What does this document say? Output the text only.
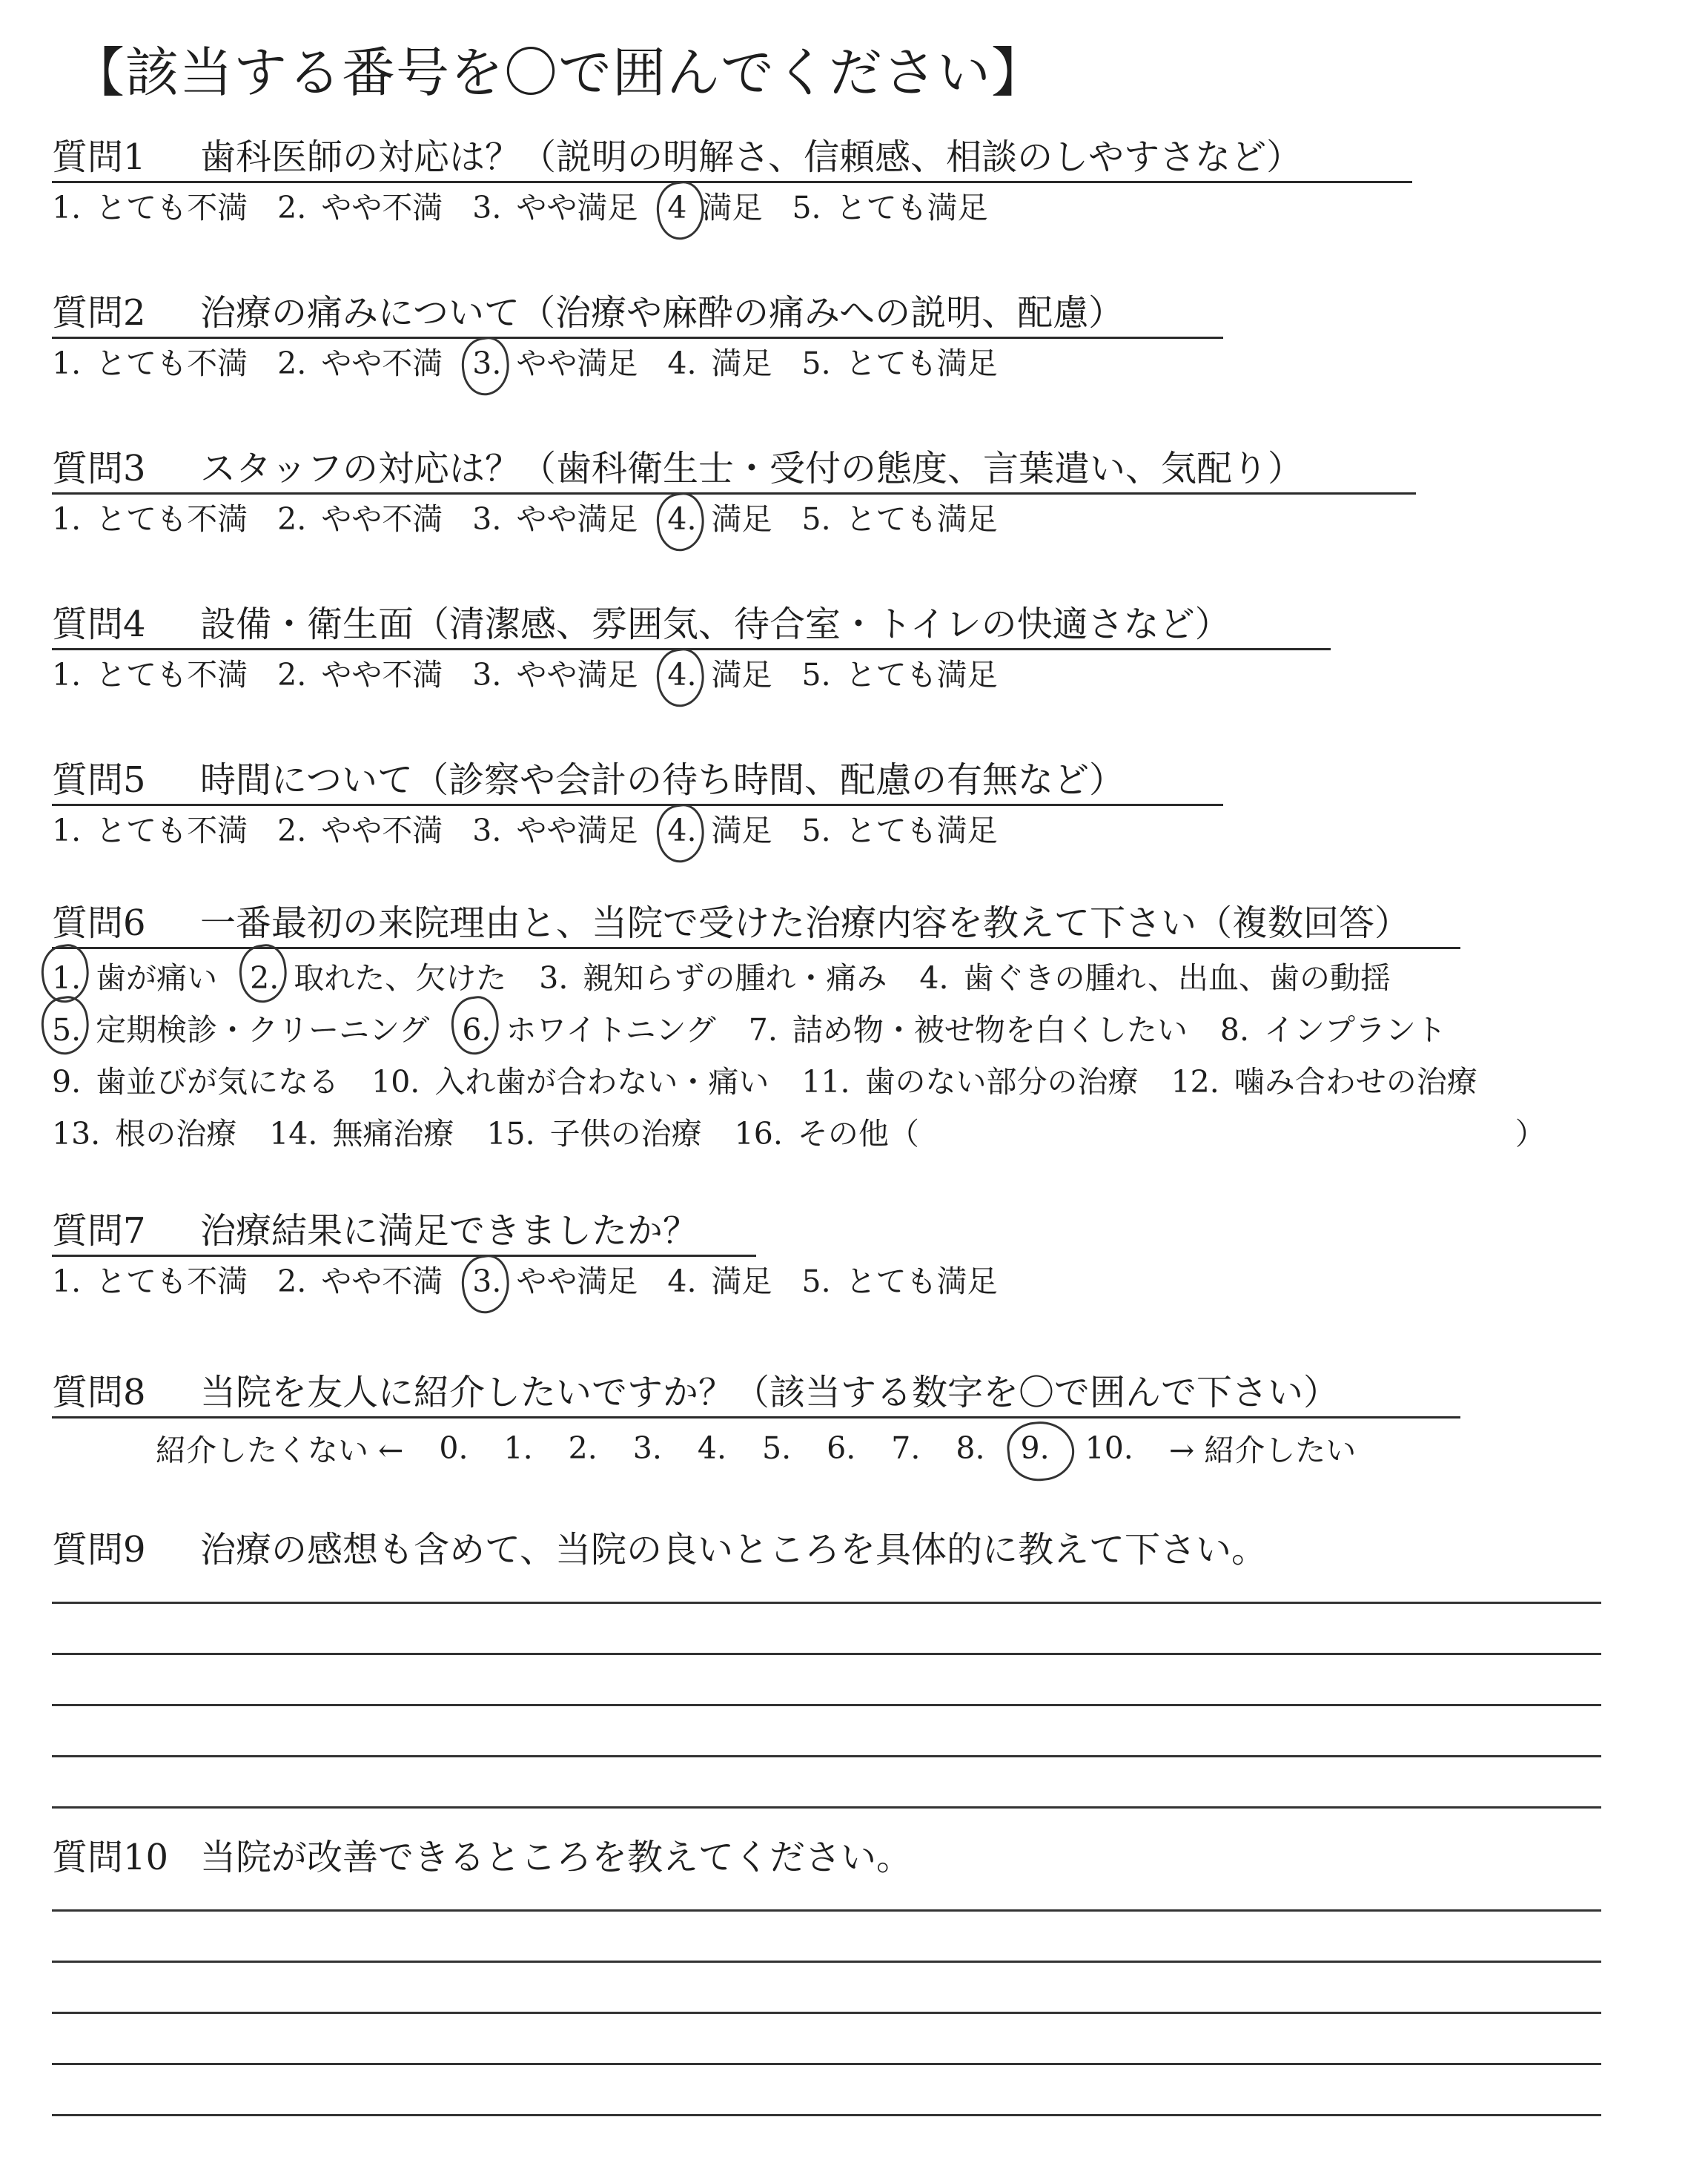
【該当する番号を〇で囲んでください】
質問1 歯科医師の対応は？（説明の明解さ、信頼感、相談のしやすさなど）
1. とても不満 2. やや不満 3. やや満足 4 満足 5. とても満足
質問2 治療の痛みについて（治療や麻酔の痛みへの説明、配慮）
1. とても不満 2. やや不満 3. やや満足 4. 満足 5. とても満足
質問3 スタッフの対応は？（歯科衛生士・受付の態度、言葉遣い、気配り）
1. とても不満 2. やや不満 3. やや満足 4. 満足 5. とても満足
質問4 設備・衛生面（清潔感、雰囲気、待合室・トイレの快適さなど）
1. とても不満 2. やや不満 3. やや満足 4. 満足 5. とても満足
質問5 時間について（診察や会計の待ち時間、配慮の有無など）
1. とても不満 2. やや不満 3. やや満足 4. 満足 5. とても満足
質問6 一番最初の来院理由と、当院で受けた治療内容を教えて下さい（複数回答）
1. 歯が痛い 2. 取れた、欠けた 3. 親知らずの腫れ・痛み 4. 歯ぐきの腫れ、出血、歯の動揺
5. 定期検診・クリーニング 6. ホワイトニング 7. 詰め物・被せ物を白くしたい 8. インプラント
9. 歯並びが気になる 10. 入れ歯が合わない・痛い 11. 歯のない部分の治療 12. 噛み合わせの治療
13. 根の治療 14. 無痛治療 15. 子供の治療 16. その他（	）
質問7 治療結果に満足できましたか？
1. とても不満 2. やや不満 3. やや満足 4. 満足 5. とても満足
質問8 当院を友人に紹介したいですか？（該当する数字を〇で囲んで下さい）
紹介したくない ← 0. 1. 2. 3. 4. 5. 6. 7. 8. 9. 10. → 紹介したい
質問9 治療の感想も含めて、当院の良いところを具体的に教えて下さい。
質問10 当院が改善できるところを教えてください。
